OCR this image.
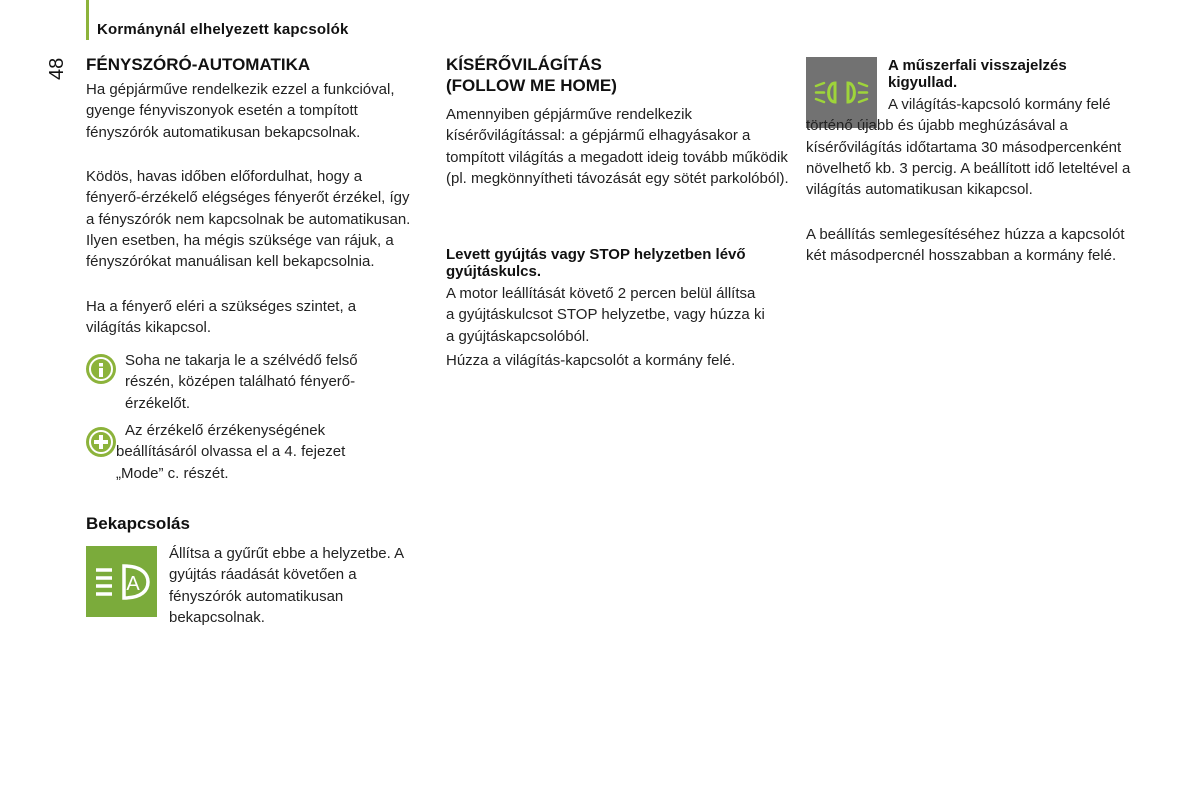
Kormánynál elhelyezett kapcsolók
48 FÉNYSZÓRÓ-AUTOMATIKA

Ha gépjárműve rendelkezik ezzel a funkcióval, gyenge fényviszonyok esetén a tompított fényszórók automatikusan bekapcsolnak.

Ködös, havas időben előfordulhat, hogy a fényerő-érzékelő elégséges fényerőt érzékel, így a fényszórók nem kapcsolnak be automatikusan. Ilyen esetben, ha mégis szüksége van rájuk, a fényszórókat manuálisan kell bekapcsolnia.

Ha a fényerő eléri a szükséges szintet, a világítás kikapcsol.

Soha ne takarja le a szélvédő felső részén, középen található fényerő-érzékelőt.

Az érzékelő érzékenységének beállításáról olvassa el a 4. fejezet „Mode” c. részét.

Bekapcsolás
A

Állítsa a gyűrűt ebbe a helyzetbe. A gyújtás ráadását követően a fényszórók automatikusan bekapcsolnak.

KÍSÉRŐVILÁGÍTÁS
(FOLLOW ME HOME)

Amennyiben gépjárműve rendelkezik kísérővilágítással: a gépjármű elhagyásakor a tompított világítás a megadott ideig tovább működik (pl. megkönnyítheti távozását egy sötét parkolóból).

Levett gyújtás vagy STOP helyzetben lévő gyújtáskulcs.

A motor leállítását követő 2 percen belül állítsa a gyújtáskulcsot STOP helyzetbe, vagy húzza ki a gyújtáskapcsolóból.

Húzza a világítás-kapcsolót a kormány felé.

A műszerfali visszajelzés kigyullad.

A világítás-kapcsoló kormány felé történő újabb és újabb meghúzásával a kísérővilágítás időtartama 30 másodpercenként növelhető kb. 3 percig. A beállított idő leteltével a világítás automatikusan kikapcsol.

A beállítás semlegesítéséhez húzza a kapcsolót két másodpercnél hosszabban a kormány felé.
